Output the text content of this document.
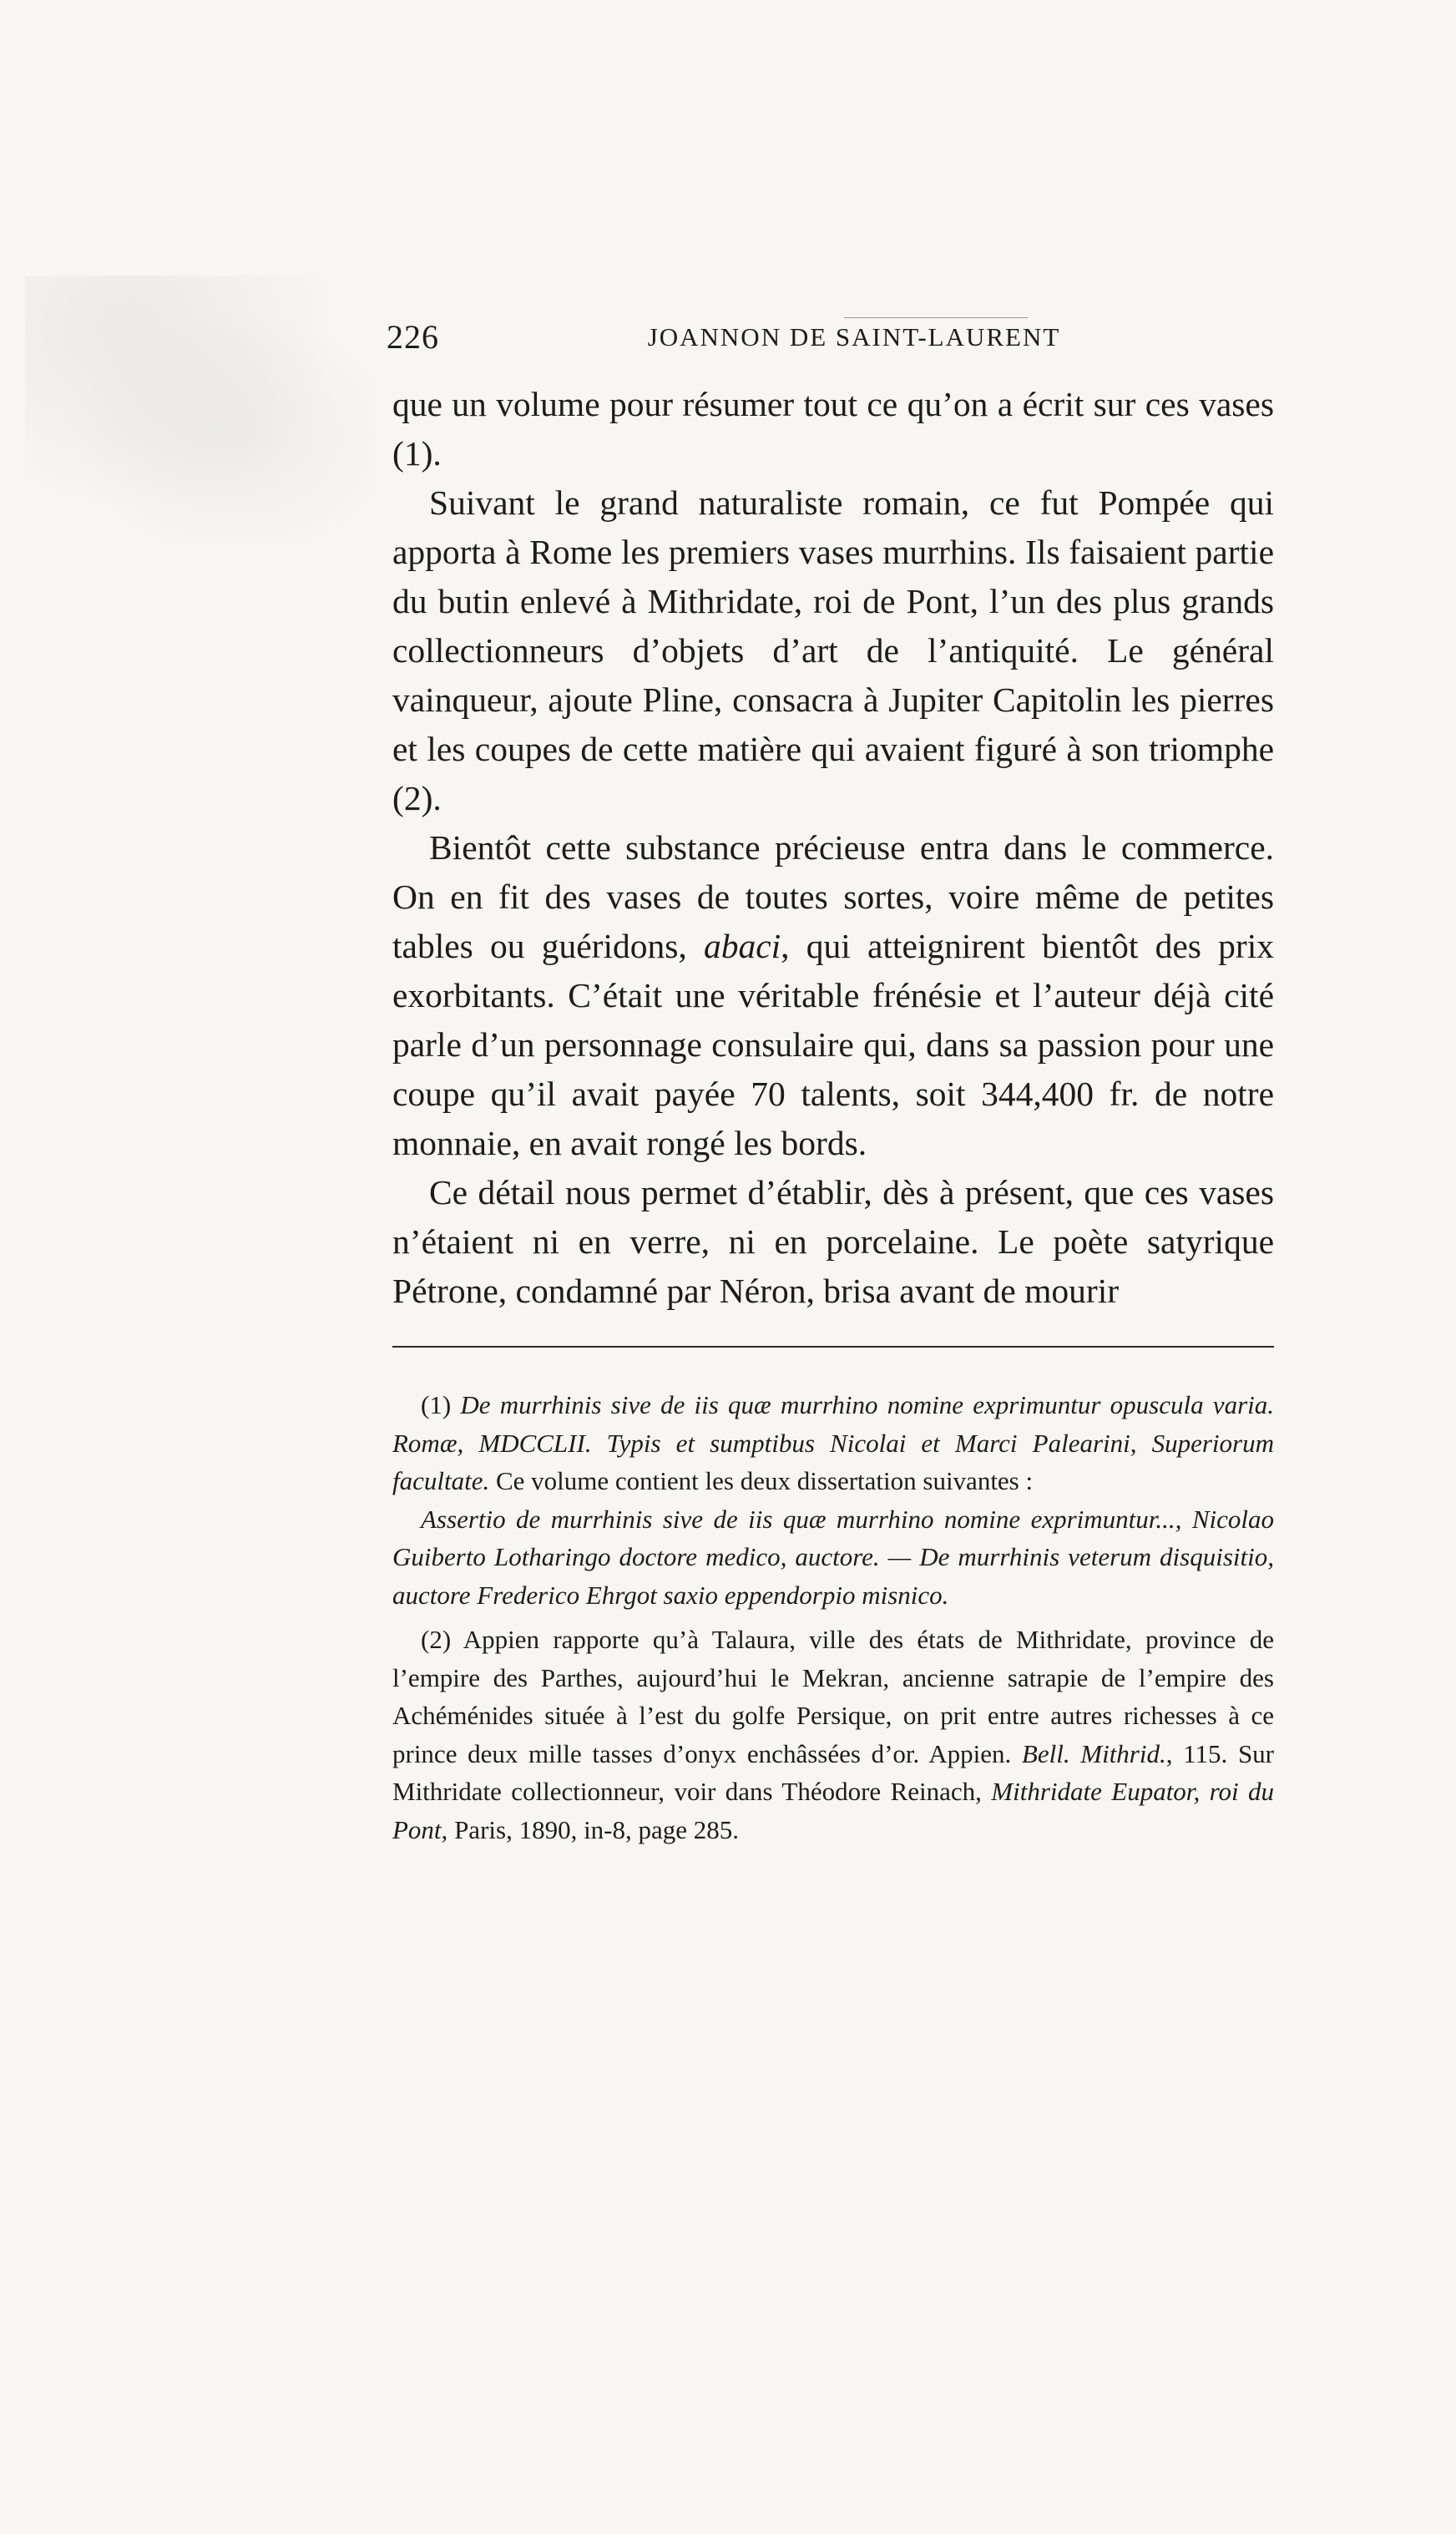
226	JOANNON DE SAINT-LAURENT

que un volume pour résumer tout ce qu’on a écrit sur ces vases (1).

Suivant le grand naturaliste romain, ce fut Pompée qui apporta à Rome les premiers vases murrhins. Ils faisaient partie du butin enlevé à Mithridate, roi de Pont, l’un des plus grands collectionneurs d’objets d’art de l’antiquité. Le général vainqueur, ajoute Pline, consacra à Jupiter Capitolin les pierres et les coupes de cette matière qui avaient figuré à son triomphe (2).

Bientôt cette substance précieuse entra dans le commerce. On en fit des vases de toutes sortes, voire même de petites tables ou guéridons, abaci, qui atteignirent bientôt des prix exorbitants. C’était une véritable frénésie et l’auteur déjà cité parle d’un personnage consulaire qui, dans sa passion pour une coupe qu’il avait payée 70 talents, soit 344,400 fr. de notre monnaie, en avait rongé les bords.

Ce détail nous permet d’établir, dès à présent, que ces vases n’étaient ni en verre, ni en porcelaine. Le poète satyrique Pétrone, condamné par Néron, brisa avant de mourir

(1) De murrhinis sive de iis quæ murrhino nomine exprimuntur opuscula varia. Romæ, MDCCLII. Typis et sumptibus Nicolai et Marci Palearini, Superiorum facultate. Ce volume contient les deux dissertation suivantes :

Assertio de murrhinis sive de iis quæ murrhino nomine exprimuntur..., Nicolao Guiberto Lotharingo doctore medico, auctore. — De murrhinis veterum disquisitio, auctore Frederico Ehrgot saxio eppendorpio misnico.

(2) Appien rapporte qu’à Talaura, ville des états de Mithridate, province de l’empire des Parthes, aujourd’hui le Mekran, ancienne satrapie de l’empire des Achéménides située à l’est du golfe Persique, on prit entre autres richesses à ce prince deux mille tasses d’onyx enchâssées d’or. Appien. Bell. Mithrid., 115. Sur Mithridate collectionneur, voir dans Théodore Reinach, Mithridate Eupator, roi du Pont, Paris, 1890, in-8, page 285.
